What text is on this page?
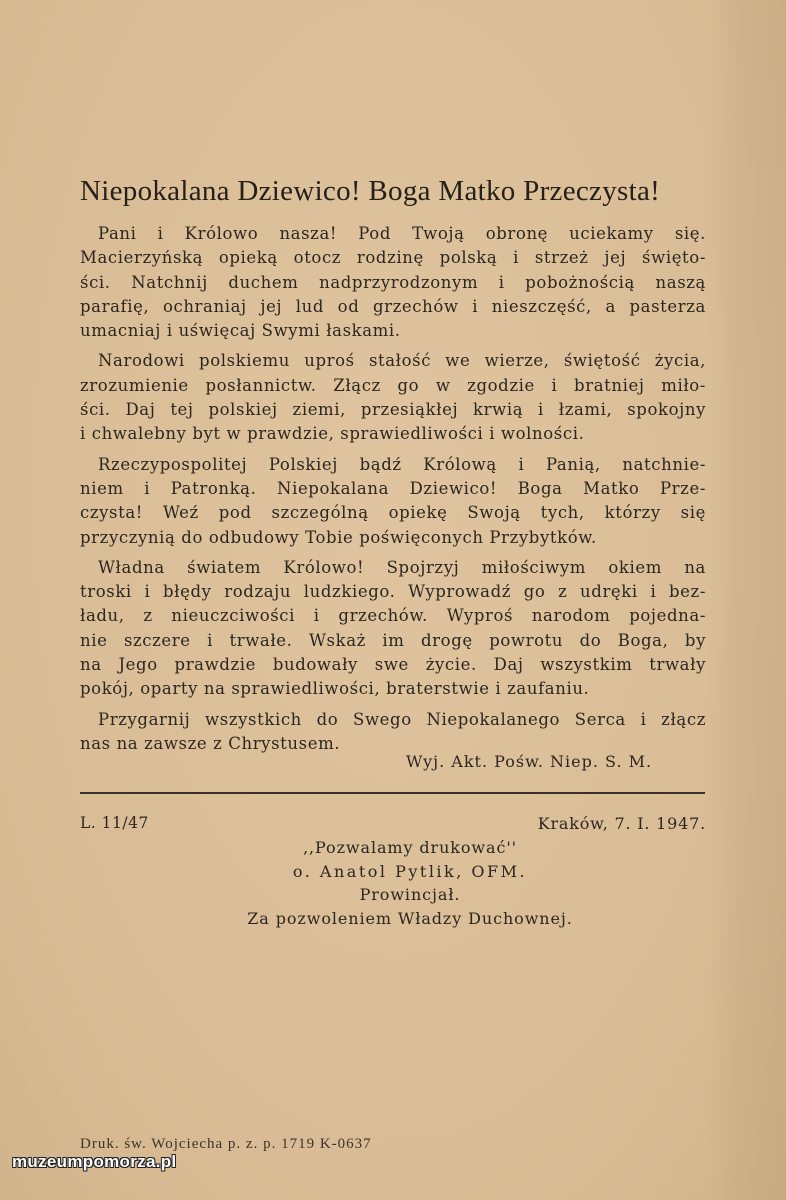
Niepokalana Dziewico! Boga Matko Przeczysta!
Pani i Królowo nasza! Pod Twoją obronę uciekamy się.
Macierzyńską opieką otocz rodzinę polską i strzeż jej święto-
ści. Natchnij duchem nadprzyrodzonym i pobożnością naszą
parafię, ochraniaj jej lud od grzechów i nieszczęść, a pasterza
umacniaj i uświęcaj Swymi łaskami.
Narodowi polskiemu uproś stałość we wierze, świętość życia,
zrozumienie posłannictw. Złącz go w zgodzie i bratniej miło-
ści. Daj tej polskiej ziemi, przesiąkłej krwią i łzami, spokojny
i chwalebny byt w prawdzie, sprawiedliwości i wolności.
Rzeczypospolitej Polskiej bądź Królową i Panią, natchnie-
niem i Patronką. Niepokalana Dziewico! Boga Matko Prze-
czysta! Weź pod szczególną opiekę Swoją tych, którzy się
przyczynią do odbudowy Tobie poświęconych Przybytków.
Władna światem Królowo! Spojrzyj miłościwym okiem na
troski i błędy rodzaju ludzkiego. Wyprowadź go z udręki i bez-
ładu, z nieuczciwości i grzechów. Wyproś narodom pojedna-
nie szczere i trwałe. Wskaż im drogę powrotu do Boga, by
na Jego prawdzie budowały swe życie. Daj wszystkim trwały
pokój, oparty na sprawiedliwości, braterstwie i zaufaniu.
Przygarnij wszystkich do Swego Niepokalanego Serca i złącz
nas na zawsze z Chrystusem.
Wyj. Akt. Pośw. Niep. S. M.
L. 11/47	Kraków, 7. I. 1947.
,,Pozwalamy drukować''
o. Anatol Pytlik, OFM.
Prowincjał.
Za pozwoleniem Władzy Duchownej.
Druk. św. Wojciecha p. z. p. 1719 K-0637
muzeumpomorza.pl
